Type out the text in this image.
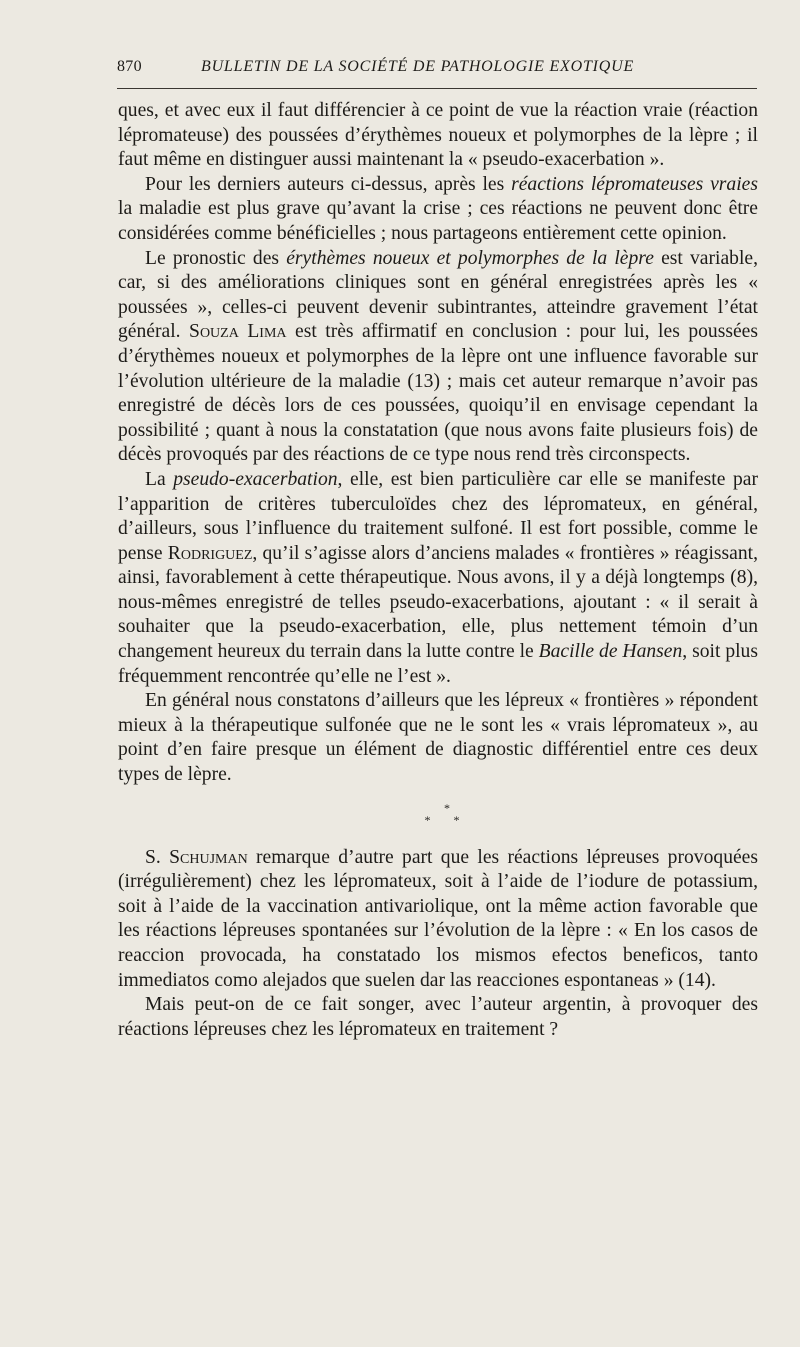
870	BULLETIN DE LA SOCIÉTÉ DE PATHOLOGIE EXOTIQUE

ques, et avec eux il faut différencier à ce point de vue la réaction vraie (réaction lépromateuse) des poussées d’érythèmes noueux et polymorphes de la lèpre ; il faut même en distinguer aussi maintenant la « pseudo-exacerbation ».

Pour les derniers auteurs ci-dessus, après les réactions lépromateuses vraies la maladie est plus grave qu’avant la crise ; ces réactions ne peuvent donc être considérées comme bénéficielles ; nous partageons entièrement cette opinion.

Le pronostic des érythèmes noueux et polymorphes de la lèpre est variable, car, si des améliorations cliniques sont en général enregistrées après les « poussées », celles-ci peuvent devenir subintrantes, atteindre gravement l’état général. Souza Lima est très affirmatif en conclusion : pour lui, les poussées d’érythèmes noueux et polymorphes de la lèpre ont une influence favorable sur l’évolution ultérieure de la maladie (13) ; mais cet auteur remarque n’avoir pas enregistré de décès lors de ces poussées, quoiqu’il en envisage cependant la possibilité ; quant à nous la constatation (que nous avons faite plusieurs fois) de décès provoqués par des réactions de ce type nous rend très circonspects.

La pseudo-exacerbation, elle, est bien particulière car elle se manifeste par l’apparition de critères tuberculoïdes chez des lépromateux, en général, d’ailleurs, sous l’influence du traitement sulfoné. Il est fort possible, comme le pense Rodriguez, qu’il s’agisse alors d’anciens malades « frontières » réagissant, ainsi, favorablement à cette thérapeutique. Nous avons, il y a déjà longtemps (8), nous-mêmes enregistré de telles pseudo-exacerbations, ajoutant : « il serait à souhaiter que la pseudo-exacerbation, elle, plus nettement témoin d’un changement heureux du terrain dans la lutte contre le Bacille de Hansen, soit plus fréquemment rencontrée qu’elle ne l’est ».

En général nous constatons d’ailleurs que les lépreux « frontières » répondent mieux à la thérapeutique sulfonée que ne le sont les « vrais lépromateux », au point d’en faire presque un élément de diagnostic différentiel entre ces deux types de lèpre.

*
* *

S. Schujman remarque d’autre part que les réactions lépreuses provoquées (irrégulièrement) chez les lépromateux, soit à l’aide de l’iodure de potassium, soit à l’aide de la vaccination antivariolique, ont la même action favorable que les réactions lépreuses spontanées sur l’évolution de la lèpre : « En los casos de reaccion provocada, ha constatado los mismos efectos beneficos, tanto immediatos como alejados que suelen dar las reacciones espontaneas » (14).

Mais peut-on de ce fait songer, avec l’auteur argentin, à provoquer des réactions lépreuses chez les lépromateux en traitement ?
